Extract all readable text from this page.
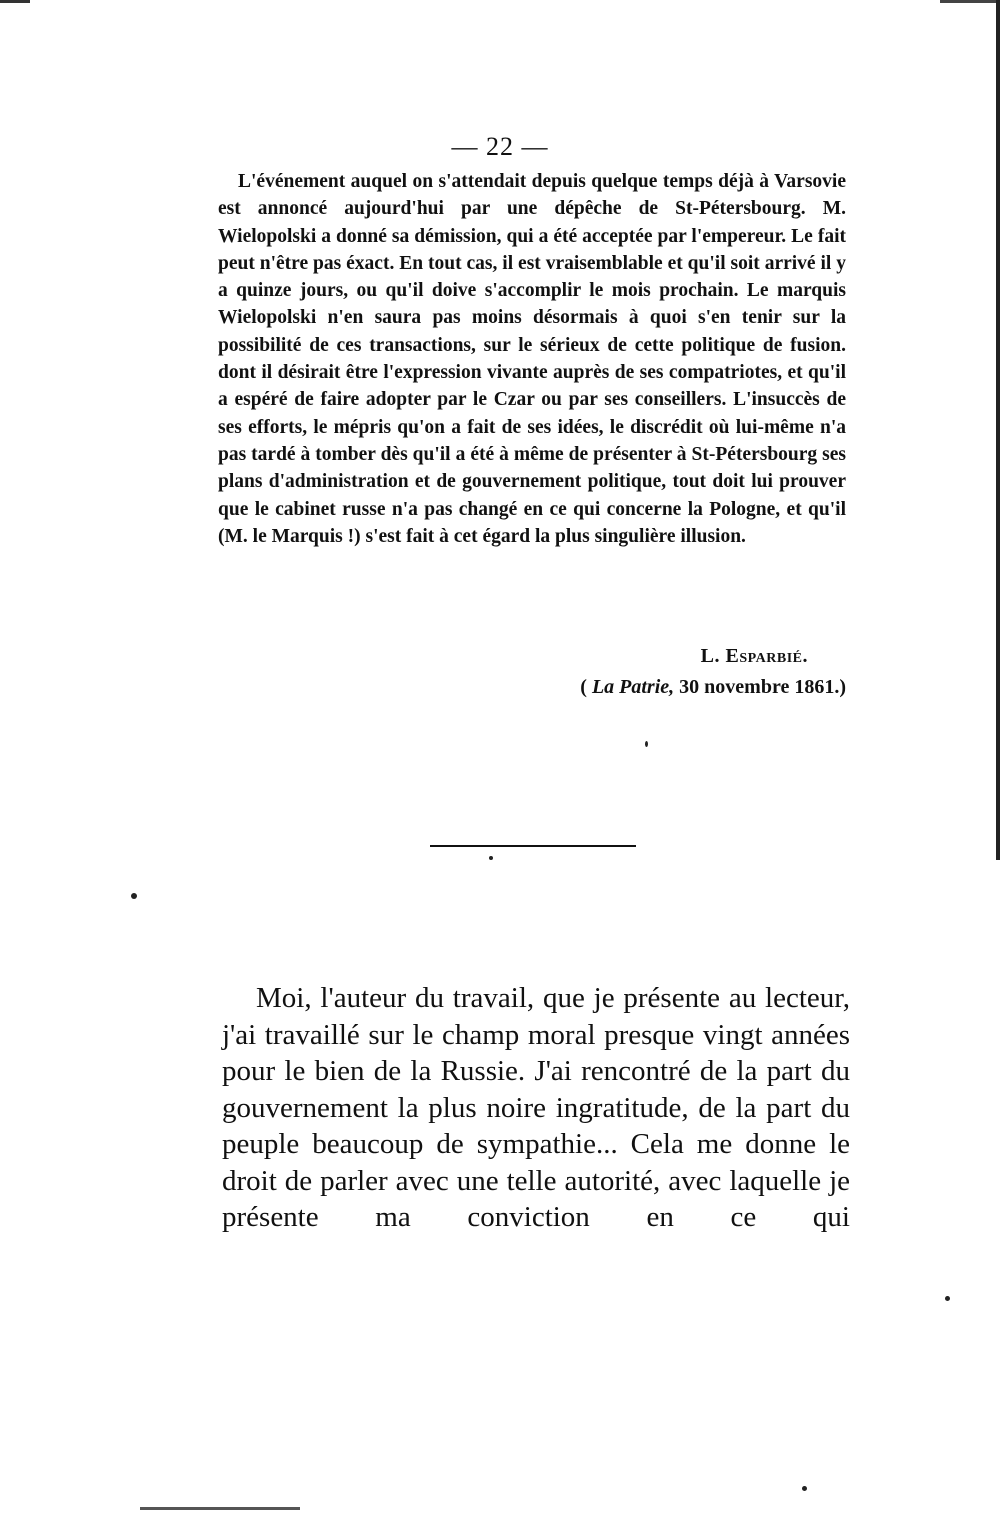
— 22 —

L'événement auquel on s'attendait depuis quelque temps déjà à Varsovie est annoncé aujourd'hui par une dépêche de St-Pétersbourg. M. Wielopolski a donné sa démission, qui a été acceptée par l'empereur. Le fait peut n'être pas éxact. En tout cas, il est vraisemblable et qu'il soit arrivé il y a quinze jours, ou qu'il doive s'accomplir le mois prochain. Le marquis Wielopolski n'en saura pas moins désormais à quoi s'en tenir sur la possibilité de ces transactions, sur le sérieux de cette politique de fusion. dont il désirait être l'expression vivante auprès de ses compatriotes, et qu'il a espéré de faire adopter par le Czar ou par ses conseillers. L'insuccès de ses efforts, le mépris qu'on a fait de ses idées, le discrédit où lui-même n'a pas tardé à tomber dès qu'il a été à même de présenter à St-Pétersbourg ses plans d'administration et de gouvernement politique, tout doit lui prouver que le cabinet russe n'a pas changé en ce qui concerne la Pologne, et qu'il (M. le Marquis !) s'est fait à cet égard la plus singulière illusion.

L. Esparbié.
( La Patrie, 30 novembre 1861.)

Moi, l'auteur du travail, que je présente au lecteur, j'ai travaillé sur le champ moral presque vingt années pour le bien de la Russie. J'ai rencontré de la part du gouvernement la plus noire ingratitude, de la part du peuple beaucoup de sympathie... Cela me donne le droit de parler avec une telle autorité, avec laquelle je présente ma conviction en ce qui
